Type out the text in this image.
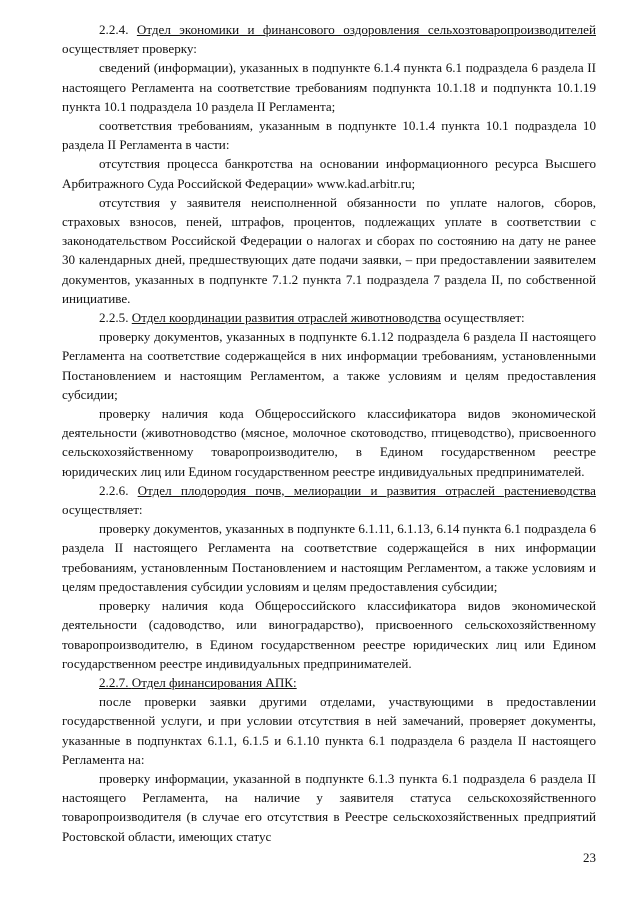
2.2.4. Отдел экономики и финансового оздоровления сельхозтоваропроизводителей осуществляет проверку:

сведений (информации), указанных в подпункте 6.1.4 пункта 6.1 подраздела 6 раздела II настоящего Регламента на соответствие требованиям подпункта 10.1.18 и подпункта 10.1.19 пункта 10.1 подраздела 10 раздела II Регламента;

соответствия требованиям, указанным в подпункте 10.1.4 пункта 10.1 подраздела 10 раздела II Регламента в части:

отсутствия процесса банкротства на основании информационного ресурса Высшего Арбитражного Суда Российской Федерации» www.kad.arbitr.ru;

отсутствия у заявителя неисполненной обязанности по уплате налогов, сборов, страховых взносов, пеней, штрафов, процентов, подлежащих уплате в соответствии с законодательством Российской Федерации о налогах и сборах по состоянию на дату не ранее 30 календарных дней, предшествующих дате подачи заявки, – при предоставлении заявителем документов, указанных в подпункте 7.1.2 пункта 7.1 подраздела 7 раздела II, по собственной инициативе.

2.2.5. Отдел координации развития отраслей животноводства осуществляет:

проверку документов, указанных в подпункте 6.1.12 подраздела 6 раздела II настоящего Регламента на соответствие содержащейся в них информации требованиям, установленными Постановлением и настоящим Регламентом, а также условиям и целям предоставления субсидии;

проверку наличия кода Общероссийского классификатора видов экономической деятельности (животноводство (мясное, молочное скотоводство, птицеводство), присвоенного сельскохозяйственному товаропроизводителю, в Едином государственном реестре юридических лиц или Едином государственном реестре индивидуальных предпринимателей.

2.2.6. Отдел плодородия почв, мелиорации и развития отраслей растениеводства осуществляет:

проверку документов, указанных в подпункте 6.1.11, 6.1.13, 6.14 пункта 6.1 подраздела 6 раздела II настоящего Регламента на соответствие содержащейся в них информации требованиям, установленным Постановлением и настоящим Регламентом, а также условиям и целям предоставления субсидии условиям и целям предоставления субсидии;

проверку наличия кода Общероссийского классификатора видов экономической деятельности (садоводство, или виноградарство), присвоенного сельскохозяйственному товаропроизводителю, в Едином государственном реестре юридических лиц или Едином государственном реестре индивидуальных предпринимателей.

2.2.7. Отдел финансирования АПК:

после проверки заявки другими отделами, участвующими в предоставлении государственной услуги, и при условии отсутствия в ней замечаний, проверяет документы, указанные в подпунктах 6.1.1, 6.1.5 и 6.1.10 пункта 6.1 подраздела 6 раздела II настоящего Регламента на:

проверку информации, указанной в подпункте 6.1.3 пункта 6.1 подраздела 6 раздела II настоящего Регламента, на наличие у заявителя статуса сельскохозяйственного товаропроизводителя (в случае его отсутствия в Реестре сельскохозяйственных предприятий Ростовской области, имеющих статус

23
